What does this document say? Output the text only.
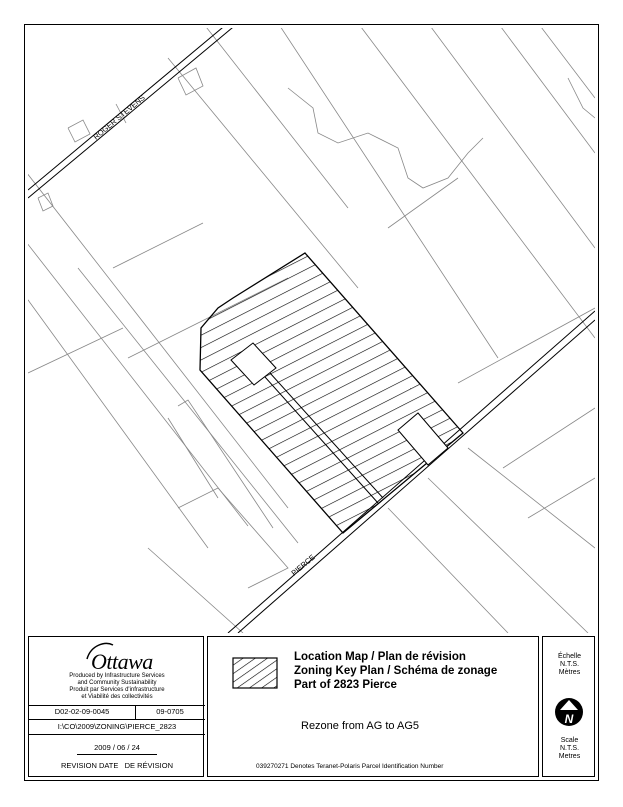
ROGER STEVENS
PIERCE
Ottawa
Produced by Infrastructure Services
and Community Sustainability
Produit par Services d'infrastructure
et Viabilité des collectivités
D02-02-09-0045	09-0705
I:\CO\2009\ZONING\PIERCE_2823
2009 / 06 / 24
REVISION DATE   DE RÉVISION
Location Map / Plan de révision
Zoning Key Plan / Schéma de zonage
Part of 2823 Pierce
Rezone from AG to AG5
039270271 Denotes Teranet-Polaris Parcel Identification Number
Échelle
N.T.S.
Mètres
N
Scale
N.T.S.
Metres
